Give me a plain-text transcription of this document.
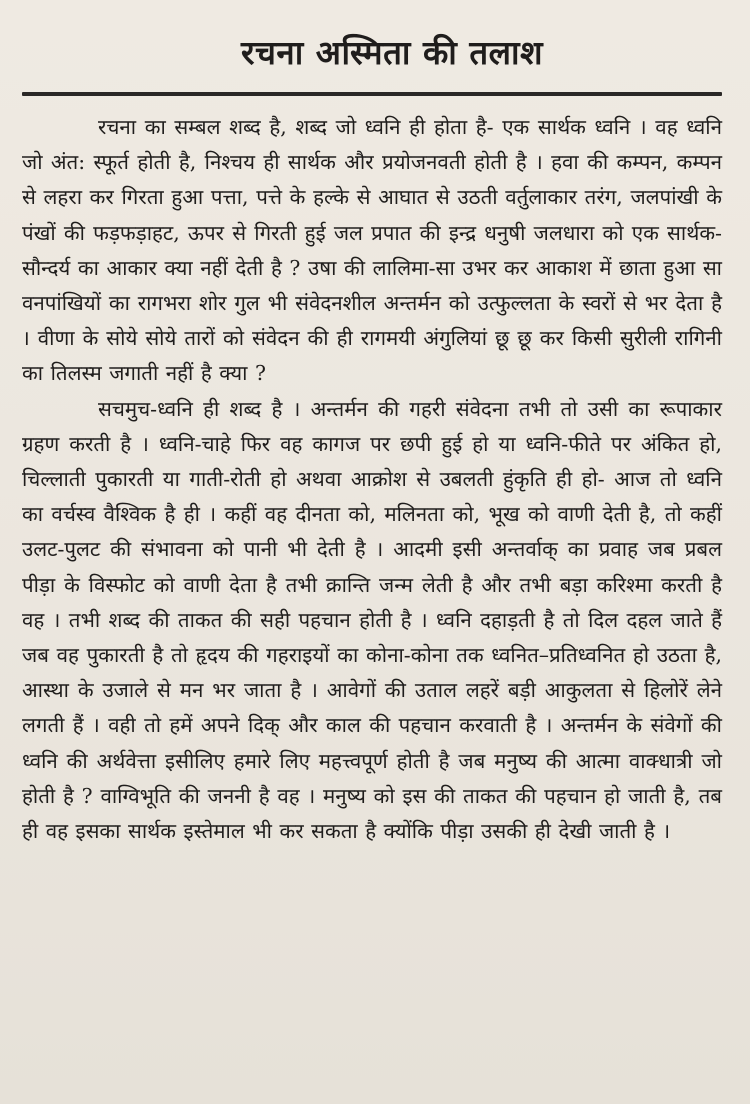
रचना अस्मिता की तलाश

रचना का सम्बल शब्द है, शब्द जो ध्वनि ही होता है- एक सार्थक ध्वनि । वह ध्वनि जो अंत: स्फूर्त होती है, निश्चय ही सार्थक और प्रयोजनवती होती है । हवा की कम्पन, कम्पन से लहरा कर गिरता हुआ पत्ता, पत्ते के हल्के से आघात से उठती वर्तुलाकार तरंग, जलपांखी के पंखों की फड़फड़ाहट, ऊपर से गिरती हुई जल प्रपात की इन्द्र धनुषी जलधारा को एक सार्थक-सौन्दर्य का आकार क्या नहीं देती है ? उषा की लालिमा-सा उभर कर आकाश में छाता हुआ सा वनपांखियों का रागभरा शोर गुल भी संवेदनशील अन्तर्मन को उत्फुल्लता के स्वरों से भर देता है । वीणा के सोये सोये तारों को संवेदन की ही रागमयी अंगुलियां छू छू कर किसी सुरीली रागिनी का तिलस्म जगाती नहीं है क्या ?

सचमुच-ध्वनि ही शब्द है । अन्तर्मन की गहरी संवेदना तभी तो उसी का रूपाकार ग्रहण करती है । ध्वनि-चाहे फिर वह कागज पर छपी हुई हो या ध्वनि-फीते पर अंकित हो, चिल्लाती पुकारती या गाती-रोती हो अथवा आक्रोश से उबलती हुंकृति ही हो- आज तो ध्वनि का वर्चस्व वैश्विक है ही । कहीं वह दीनता को, मलिनता को, भूख को वाणी देती है, तो कहीं उलट-पुलट की संभावना को पानी भी देती है । आदमी इसी अन्तर्वाक् का प्रवाह जब प्रबल पीड़ा के विस्फोट को वाणी देता है तभी क्रान्ति जन्म लेती है और तभी बड़ा करिश्मा करती है वह । तभी शब्द की ताकत की सही पहचान होती है । ध्वनि दहाड़ती है तो दिल दहल जाते हैं जब वह पुकारती है तो हृदय की गहराइयों का कोना-कोना तक ध्वनित–प्रतिध्वनित हो उठता है, आस्था के उजाले से मन भर जाता है । आवेगों की उताल लहरें बड़ी आकुलता से हिलोरें लेने लगती हैं । वही तो हमें अपने दिक् और काल की पहचान करवाती है । अन्तर्मन के संवेगों की ध्वनि की अर्थवेत्ता इसीलिए हमारे लिए महत्त्वपूर्ण होती है जब मनुष्य की आत्मा वाक्धात्री जो होती है ? वाग्विभूति की जननी है वह । मनुष्य को इस की ताकत की पहचान हो जाती है, तब ही वह इसका सार्थक इस्तेमाल भी कर सकता है क्योंकि पीड़ा उसकी ही देखी जाती है ।
